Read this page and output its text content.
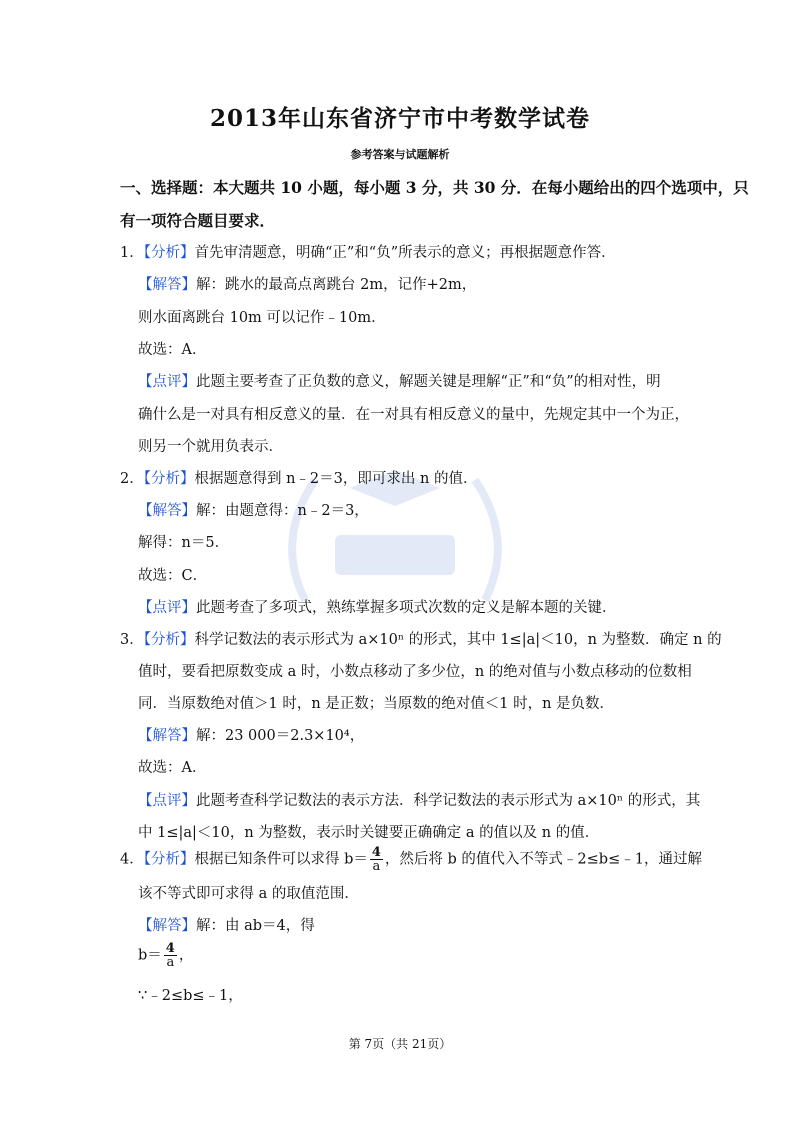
2013年山东省济宁市中考数学试卷
参考答案与试题解析
一、选择题：本大题共 10 小题，每小题 3 分，共 30 分．在每小题给出的四个选项中，只
有一项符合题目要求．
1．【分析】首先审清题意，明确“正”和“负”所表示的意义；再根据题意作答．
【解答】解：跳水的最高点离跳台 2m，记作+2m，
则水面离跳台 10m 可以记作﹣10m．
故选：A．
【点评】此题主要考查了正负数的意义，解题关键是理解“正”和“负”的相对性，明
确什么是一对具有相反意义的量．在一对具有相反意义的量中，先规定其中一个为正，
则另一个就用负表示．
2．【分析】根据题意得到 n﹣2＝3，即可求出 n 的值．
【解答】解：由题意得：n﹣2＝3，
解得：n＝5．
故选：C．
【点评】此题考查了多项式，熟练掌握多项式次数的定义是解本题的关键．
3．【分析】科学记数法的表示形式为 a×10ⁿ 的形式，其中 1≤|a|＜10，n 为整数．确定 n 的
值时，要看把原数变成 a 时，小数点移动了多少位，n 的绝对值与小数点移动的位数相
同．当原数绝对值＞1 时，n 是正数；当原数的绝对值＜1 时，n 是负数．
【解答】解：23 000＝2.3×10⁴，
故选：A．
【点评】此题考查科学记数法的表示方法．科学记数法的表示形式为 a×10ⁿ 的形式，其
中 1≤|a|＜10，n 为整数，表示时关键要正确确定 a 的值以及 n 的值．
4．【分析】根据已知条件可以求得 $b= \frac{4}{a}$ ，然后将 b 的值代入不等式﹣2≤b≤﹣1，通过解
该不等式即可求得 a 的取值范围．
【解答】解：由 ab＝4，得
$b= \frac{4}{a}$ ，
∵﹣2≤b≤﹣1，
第 7页（共 21页）
